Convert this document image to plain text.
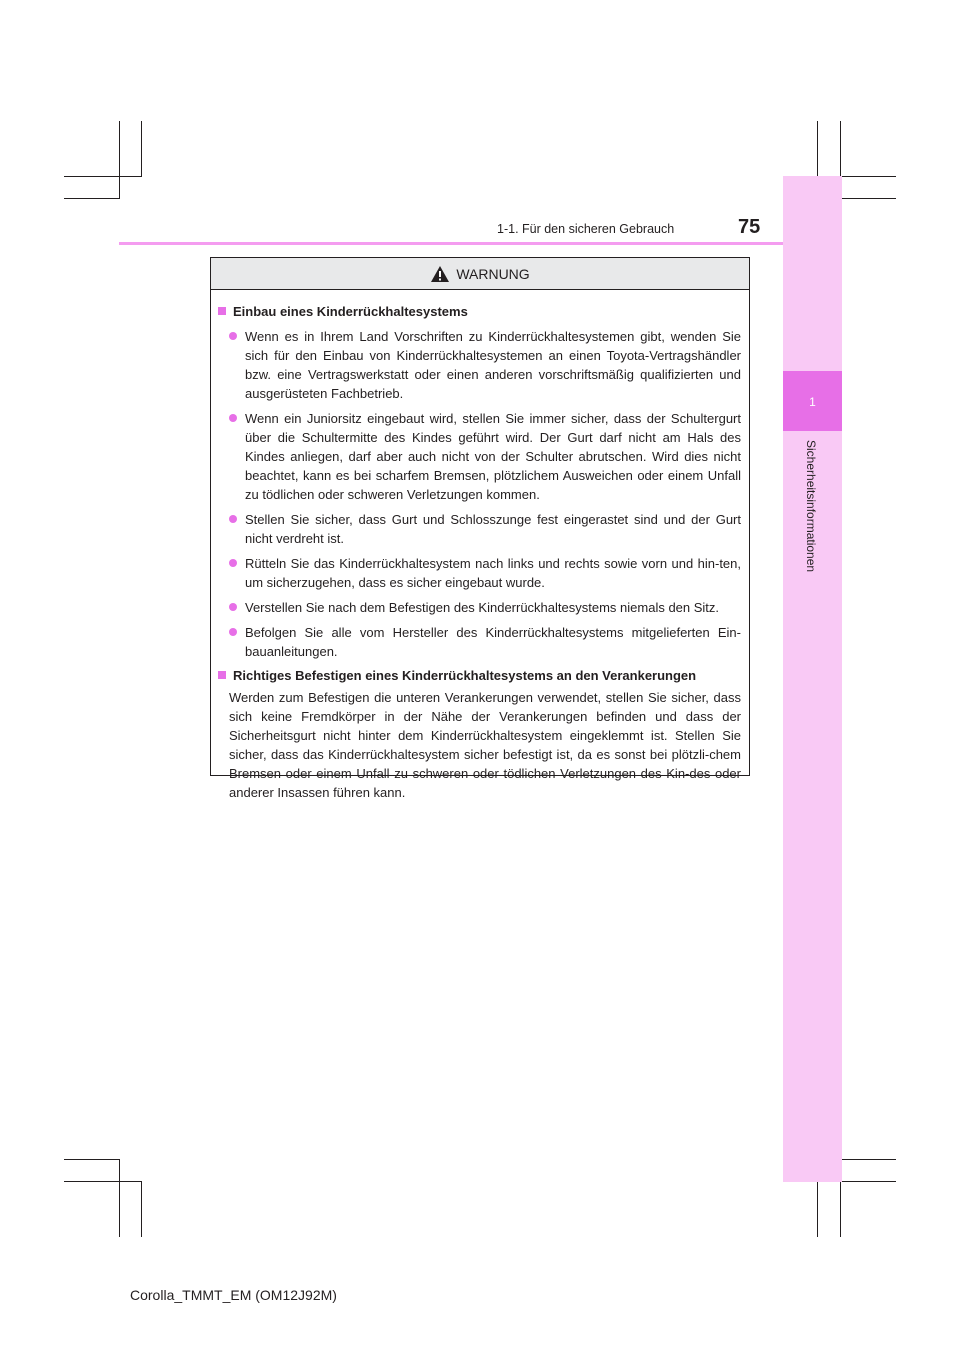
1
Sicherheitsinformationen
1-1. Für den sicheren Gebrauch	75
WARNUNG
Einbau eines Kinderrückhaltesystems
Wenn es in Ihrem Land Vorschriften zu Kinderrückhaltesystemen gibt, wenden Sie sich für den Einbau von Kinderrückhaltesystemen an einen Toyota-Vertragshändler bzw. eine Vertragswerkstatt oder einen anderen vorschriftsmäßig qualifizierten und ausgerüsteten Fachbetrieb.
Wenn ein Juniorsitz eingebaut wird, stellen Sie immer sicher, dass der Schultergurt über die Schultermitte des Kindes geführt wird. Der Gurt darf nicht am Hals des Kindes anliegen, darf aber auch nicht von der Schulter abrutschen. Wird dies nicht beachtet, kann es bei scharfem Bremsen, plötzlichem Ausweichen oder einem Unfall zu tödlichen oder schweren Verletzungen kommen.
Stellen Sie sicher, dass Gurt und Schlosszunge fest eingerastet sind und der Gurt nicht verdreht ist.
Rütteln Sie das Kinderrückhaltesystem nach links und rechts sowie vorn und hin-ten, um sicherzugehen, dass es sicher eingebaut wurde.
Verstellen Sie nach dem Befestigen des Kinderrückhaltesystems niemals den Sitz.
Befolgen Sie alle vom Hersteller des Kinderrückhaltesystems mitgelieferten Ein-bauanleitungen.
Richtiges Befestigen eines Kinderrückhaltesystems an den Verankerungen
Werden zum Befestigen die unteren Verankerungen verwendet, stellen Sie sicher, dass sich keine Fremdkörper in der Nähe der Verankerungen befinden und dass der Sicherheitsgurt nicht hinter dem Kinderrückhaltesystem eingeklemmt ist. Stellen Sie sicher, dass das Kinderrückhaltesystem sicher befestigt ist, da es sonst bei plötzli-chem Bremsen oder einem Unfall zu schweren oder tödlichen Verletzungen des Kin-des oder anderer Insassen führen kann.
Corolla_TMMT_EM (OM12J92M)
